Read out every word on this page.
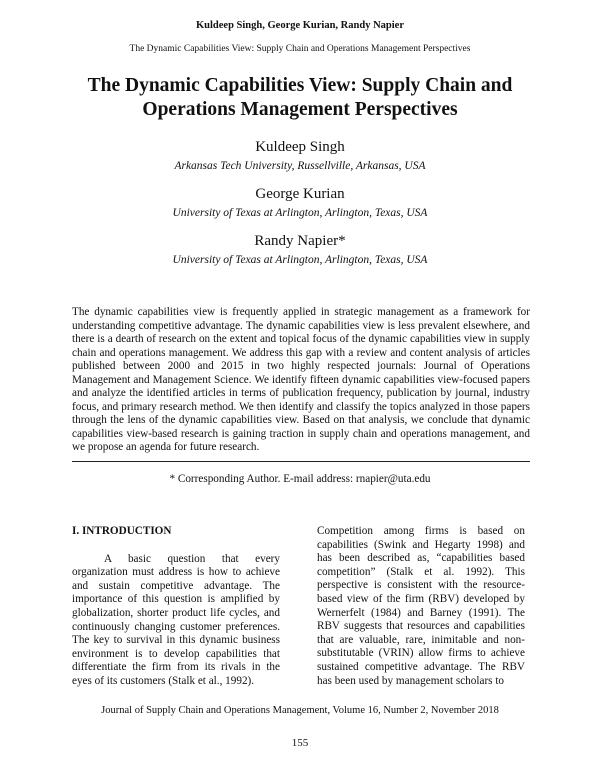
Kuldeep Singh, George Kurian, Randy Napier
The Dynamic Capabilities View: Supply Chain and Operations Management Perspectives
The Dynamic Capabilities View: Supply Chain and Operations Management Perspectives
Kuldeep Singh
Arkansas Tech University, Russellville, Arkansas, USA
George Kurian
University of Texas at Arlington, Arlington, Texas, USA
Randy Napier*
University of Texas at Arlington, Arlington, Texas, USA

The dynamic capabilities view is frequently applied in strategic management as a framework for understanding competitive advantage. The dynamic capabilities view is less prevalent elsewhere, and there is a dearth of research on the extent and topical focus of the dynamic capabilities view in supply chain and operations management. We address this gap with a review and content analysis of articles published between 2000 and 2015 in two highly respected journals: Journal of Operations Management and Management Science. We identify fifteen dynamic capabilities view-focused papers and analyze the identified articles in terms of publication frequency, publication by journal, industry focus, and primary research method. We then identify and classify the topics analyzed in those papers through the lens of the dynamic capabilities view. Based on that analysis, we conclude that dynamic capabilities view-based research is gaining traction in supply chain and operations management, and we propose an agenda for future research.

* Corresponding Author. E-mail address: rnapier@uta.edu
I. INTRODUCTION

A basic question that every organization must address is how to achieve and sustain competitive advantage. The importance of this question is amplified by globalization, shorter product life cycles, and continuously changing customer preferences. The key to survival in this dynamic business environment is to develop capabilities that differentiate the firm from its rivals in the eyes of its customers (Stalk et al., 1992).

Competition among firms is based on capabilities (Swink and Hegarty 1998) and has been described as, “capabilities based competition” (Stalk et al. 1992). This perspective is consistent with the resource-based view of the firm (RBV) developed by Wernerfelt (1984) and Barney (1991). The RBV suggests that resources and capabilities that are valuable, rare, inimitable and non-substitutable (VRIN) allow firms to achieve sustained competitive advantage. The RBV has been used by management scholars to

Journal of Supply Chain and Operations Management, Volume 16, Number 2, November 2018
155
